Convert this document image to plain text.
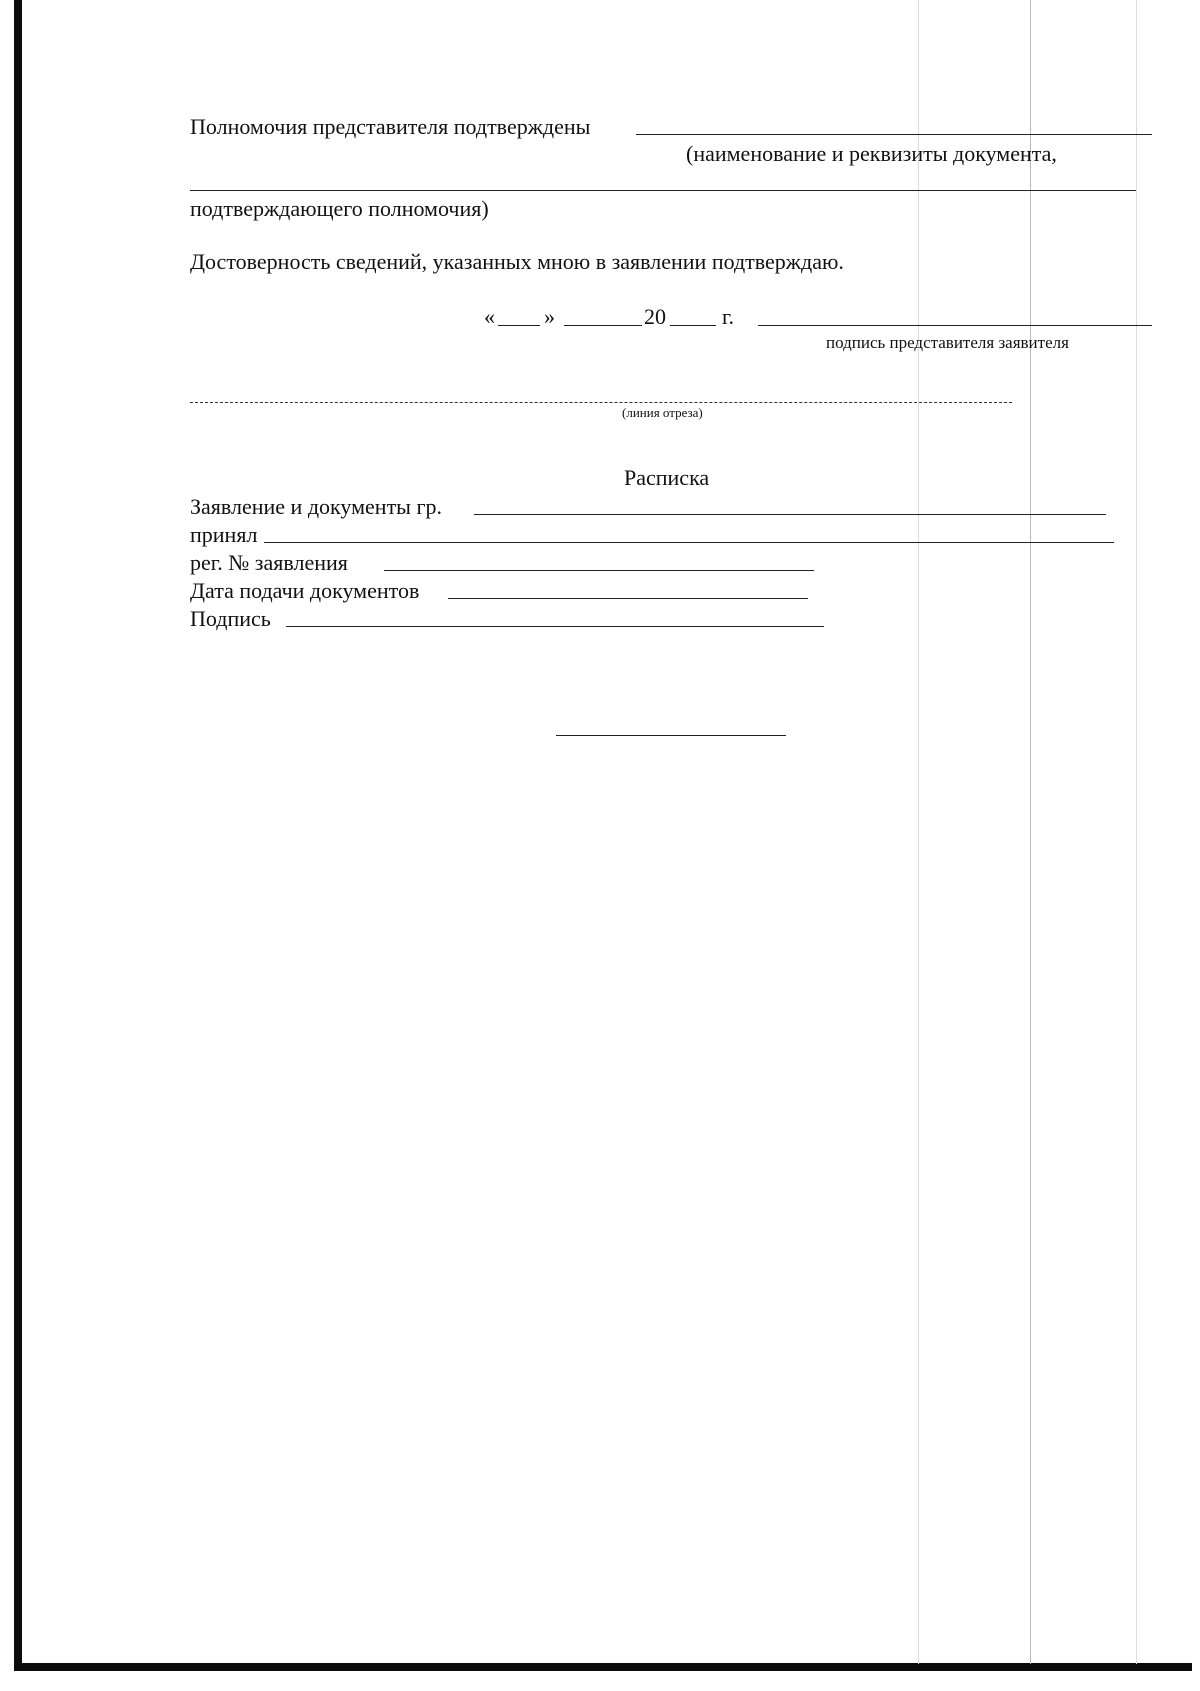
Полномочия представителя подтверждены
(наименование и реквизиты документа,
подтверждающего полномочия)
Достоверность сведений, указанных мною в заявлении подтверждаю.
« »	20	г.
подпись представителя заявителя
(линия отреза)
Расписка
Заявление и документы гр.
принял
рег. № заявления
Дата подачи документов
Подпись
